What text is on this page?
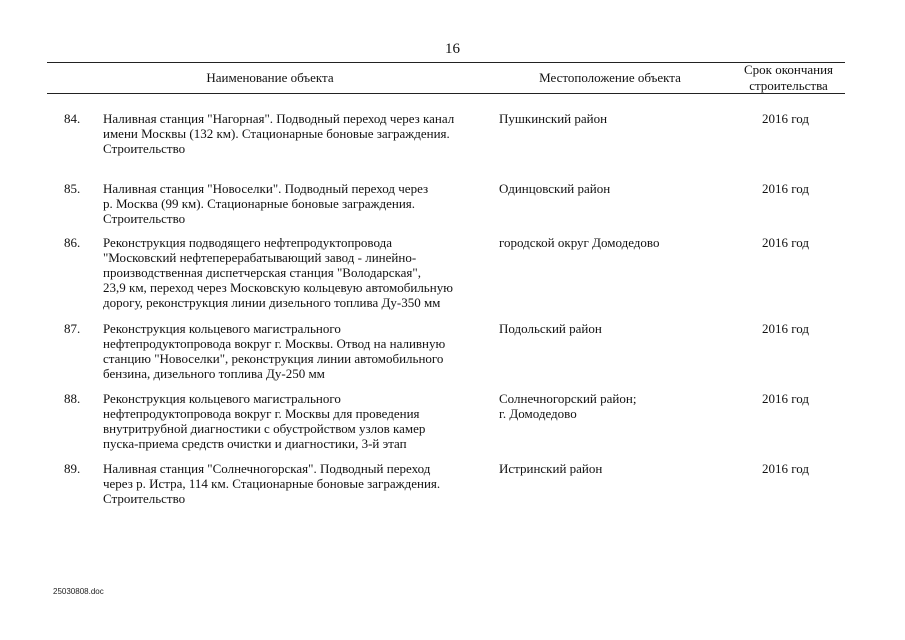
16
Наименование объекта	Местоположение объекта
Срок окончания
строительства
84. Наливная станция "Нагорная". Подводный переход через канал
имени Москвы (132 км). Стационарные боновые заграждения.
Строительство
Пушкинский район	2016 год
85. Наливная станция "Новоселки". Подводный переход через
р. Москва (99 км). Стационарные боновые заграждения.
Строительство
Одинцовский район	2016 год
86. Реконструкция подводящего нефтепродуктопровода
"Московский нефтеперерабатывающий завод - линейно-
производственная диспетчерская станция "Володарская",
23,9 км, переход через Московскую кольцевую автомобильную
дорогу, реконструкция линии дизельного топлива Ду-350 мм
городской округ Домодедово	2016 год
87. Реконструкция кольцевого магистрального
нефтепродуктопровода вокруг г. Москвы. Отвод на наливную
станцию "Новоселки", реконструкция линии автомобильного
бензина, дизельного топлива Ду-250 мм
Подольский район	2016 год
88. Реконструкция кольцевого магистрального
нефтепродуктопровода вокруг г. Москвы для проведения
внутритрубной диагностики с обустройством узлов камер
пуска-приема средств очистки и диагностики, 3-й этап
Солнечногорский район;
г. Домодедово
2016 год
89. Наливная станция "Солнечногорская". Подводный переход
через р. Истра, 114 км. Стационарные боновые заграждения.
Строительство
Истринский район	2016 год
25030808.doc
